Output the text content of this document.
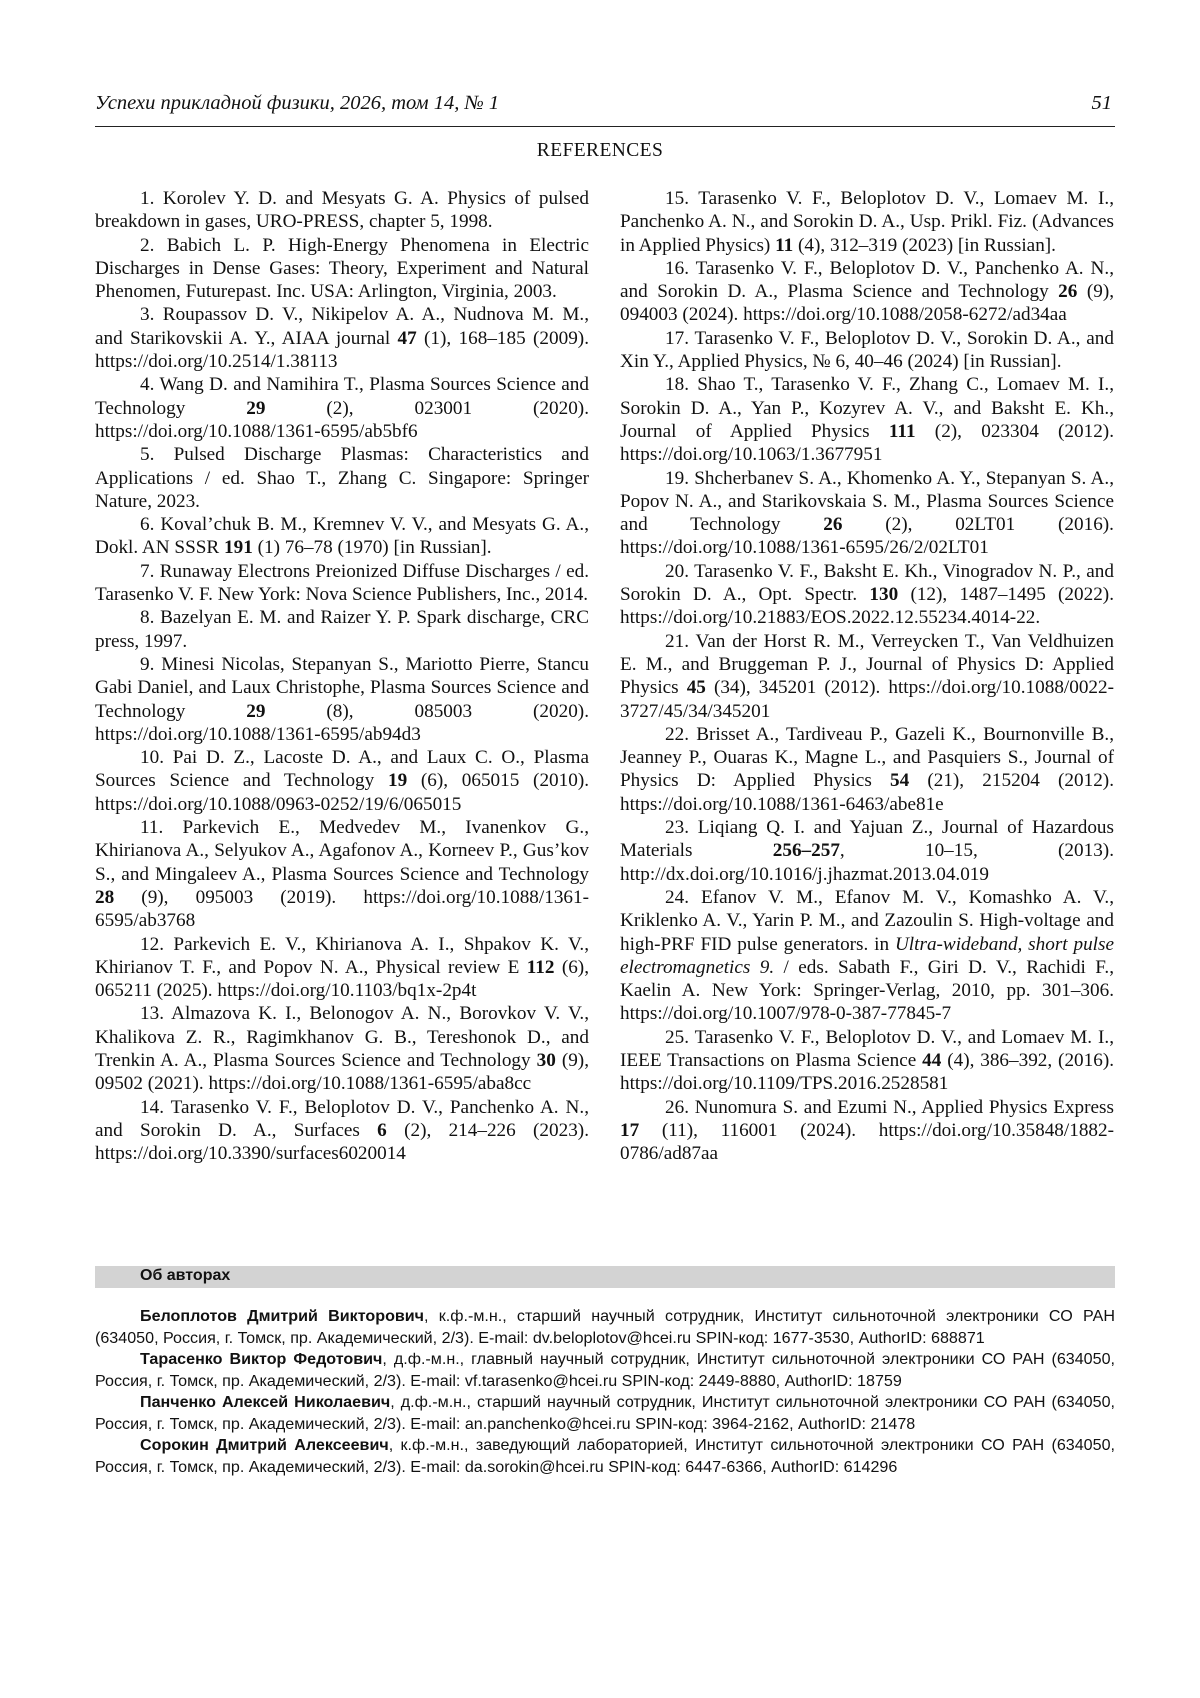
Успехи прикладной физики, 2026, том 14, № 1	51
REFERENCES

1. Korolev Y. D. and Mesyats G. A. Physics of pulsed breakdown in gases, URO-PRESS, chapter 5, 1998.

2. Babich L. P. High-Energy Phenomena in Electric Discharges in Dense Gases: Theory, Experiment and Natural Phenomen, Futurepast. Inc. USA: Arlington, Virginia, 2003.

3. Roupassov D. V., Nikipelov A. A., Nudnova M. M., and Starikovskii A. Y., AIAA journal 47 (1), 168–185 (2009). https://doi.org/10.2514/1.38113

4. Wang D. and Namihira T., Plasma Sources Science and Technology 29 (2), 023001 (2020). https://doi.org/10.1088/1361-6595/ab5bf6

5. Pulsed Discharge Plasmas: Characteristics and Applications / ed. Shao T., Zhang C. Singapore: Springer Nature, 2023.

6. Koval’chuk B. M., Kremnev V. V., and Mesyats G. A., Dokl. AN SSSR 191 (1) 76–78 (1970) [in Russian].

7. Runaway Electrons Preionized Diffuse Discharges / ed. Tarasenko V. F. New York: Nova Science Publishers, Inc., 2014.

8. Bazelyan E. M. and Raizer Y. P. Spark discharge, CRC press, 1997.

9. Minesi Nicolas, Stepanyan S., Mariotto Pierre, Stancu Gabi Daniel, and Laux Christophe, Plasma Sources Science and Technology 29 (8), 085003 (2020). https://doi.org/10.1088/1361-6595/ab94d3

10. Pai D. Z., Lacoste D. A., and Laux C. O., Plasma Sources Science and Technology 19 (6), 065015 (2010). https://doi.org/10.1088/0963-0252/19/6/065015

11. Parkevich E., Medvedev M., Ivanenkov G., Khirianova A., Selyukov A., Agafonov A., Korneev P., Gus’kov S., and Mingaleev A., Plasma Sources Science and Technology 28 (9), 095003 (2019). https://doi.org/10.1088/1361-6595/ab3768

12. Parkevich E. V., Khirianova A. I., Shpakov K. V., Khirianov T. F., and Popov N. A., Physical review E 112 (6), 065211 (2025). https://doi.org/10.1103/bq1x-2p4t

13. Almazova K. I., Belonogov A. N., Borovkov V. V., Khalikova Z. R., Ragimkhanov G. B., Tereshonok D., and Trenkin A. A., Plasma Sources Science and Technology 30 (9), 09502 (2021). https://doi.org/10.1088/1361-6595/aba8cc

14. Tarasenko V. F., Beloplotov D. V., Panchenko A. N., and Sorokin D. A., Surfaces 6 (2), 214–226 (2023). https://doi.org/10.3390/surfaces6020014

15. Tarasenko V. F., Beloplotov D. V., Lomaev M. I., Panchenko A. N., and Sorokin D. A., Usp. Prikl. Fiz. (Advances in Applied Physics) 11 (4), 312–319 (2023) [in Russian].

16. Tarasenko V. F., Beloplotov D. V., Panchenko A. N., and Sorokin D. A., Plasma Science and Technology 26 (9), 094003 (2024). https://doi.org/10.1088/2058-6272/ad34aa

17. Tarasenko V. F., Beloplotov D. V., Sorokin D. A., and Xin Y., Applied Physics, № 6, 40–46 (2024) [in Russian].

18. Shao T., Tarasenko V. F., Zhang C., Lomaev M. I., Sorokin D. A., Yan P., Kozyrev A. V., and Baksht E. Kh., Journal of Applied Physics 111 (2), 023304 (2012). https://doi.org/10.1063/1.3677951

19. Shcherbanev S. A., Khomenko A. Y., Stepanyan S. A., Popov N. A., and Starikovskaia S. M., Plasma Sources Science and Technology 26 (2), 02LT01 (2016). https://doi.org/10.1088/1361-6595/26/2/02LT01

20. Tarasenko V. F., Baksht E. Kh., Vinogradov N. P., and Sorokin D. A., Opt. Spectr. 130 (12), 1487–1495 (2022). https://doi.org/10.21883/EOS.2022.12.55234.4014-22.

21. Van der Horst R. M., Verreycken T., Van Veldhuizen E. M., and Bruggeman P. J., Journal of Physics D: Applied Physics 45 (34), 345201 (2012). https://doi.org/10.1088/0022-3727/45/34/345201

22. Brisset A., Tardiveau P., Gazeli K., Bournonville B., Jeanney P., Ouaras K., Magne L., and Pasquiers S., Journal of Physics D: Applied Physics 54 (21), 215204 (2012). https://doi.org/10.1088/1361-6463/abe81e

23. Liqiang Q. I. and Yajuan Z., Journal of Hazardous Materials 256–257, 10–15, (2013). http://dx.doi.org/10.1016/j.jhazmat.2013.04.019

24. Efanov V. M., Efanov M. V., Komashko A. V., Kriklenko A. V., Yarin P. M., and Zazoulin S. High-voltage and high-PRF FID pulse generators. in Ultra-wideband, short pulse electromagnetics 9. / eds. Sabath F., Giri D. V., Rachidi F., Kaelin A. New York: Springer-Verlag, 2010, pp. 301–306. https://doi.org/10.1007/978-0-387-77845-7

25. Tarasenko V. F., Beloplotov D. V., and Lomaev M. I., IEEE Transactions on Plasma Science 44 (4), 386–392, (2016). https://doi.org/10.1109/TPS.2016.2528581

26. Nunomura S. and Ezumi N., Applied Physics Express 17 (11), 116001 (2024). https://doi.org/10.35848/1882-0786/ad87aa

Об авторах

Белоплотов Дмитрий Викторович, к.ф.-м.н., старший научный сотрудник, Институт сильноточной электроники СО РАН (634050, Россия, г. Томск, пр. Академический, 2/3). E-mail: dv.beloplotov@hcei.ru SPIN-код: 1677-3530, AuthorID: 688871

Тарасенко Виктор Федотович, д.ф.-м.н., главный научный сотрудник, Институт сильноточной электроники СО РАН (634050, Россия, г. Томск, пр. Академический, 2/3). E-mail: vf.tarasenko@hcei.ru SPIN-код: 2449-8880, AuthorID: 18759

Панченко Алексей Николаевич, д.ф.-м.н., старший научный сотрудник, Институт сильноточной электроники СО РАН (634050, Россия, г. Томск, пр. Академический, 2/3). E-mail: an.panchenko@hcei.ru SPIN-код: 3964-2162, AuthorID: 21478

Сорокин Дмитрий Алексеевич, к.ф.-м.н., заведующий лабораторией, Институт сильноточной электроники СО РАН (634050, Россия, г. Томск, пр. Академический, 2/3). E-mail: da.sorokin@hcei.ru SPIN-код: 6447-6366, AuthorID: 614296
